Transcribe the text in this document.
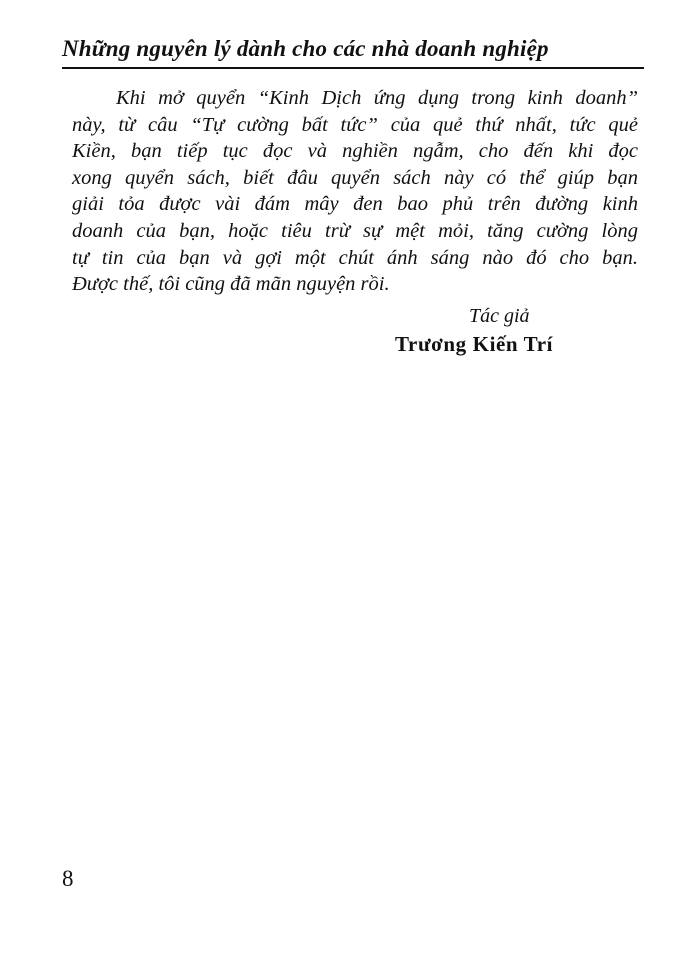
Những nguyên lý dành cho các nhà doanh nghiệp
Khi mở quyển “Kinh Dịch ứng dụng trong kinh doanh”
này, từ câu “Tự cường bất tức” của quẻ thứ nhất, tức quẻ
Kiền, bạn tiếp tục đọc và nghiền ngẫm, cho đến khi đọc
xong quyển sách, biết đâu quyển sách này có thể giúp bạn
giải tỏa được vài đám mây đen bao phủ trên đường kinh
doanh của bạn, hoặc tiêu trừ sự mệt mỏi, tăng cường lòng
tự tin của bạn và gợi một chút ánh sáng nào đó cho bạn.
Được thế, tôi cũng đã mãn nguyện rồi.
Tác giả
Trương Kiến Trí
8
